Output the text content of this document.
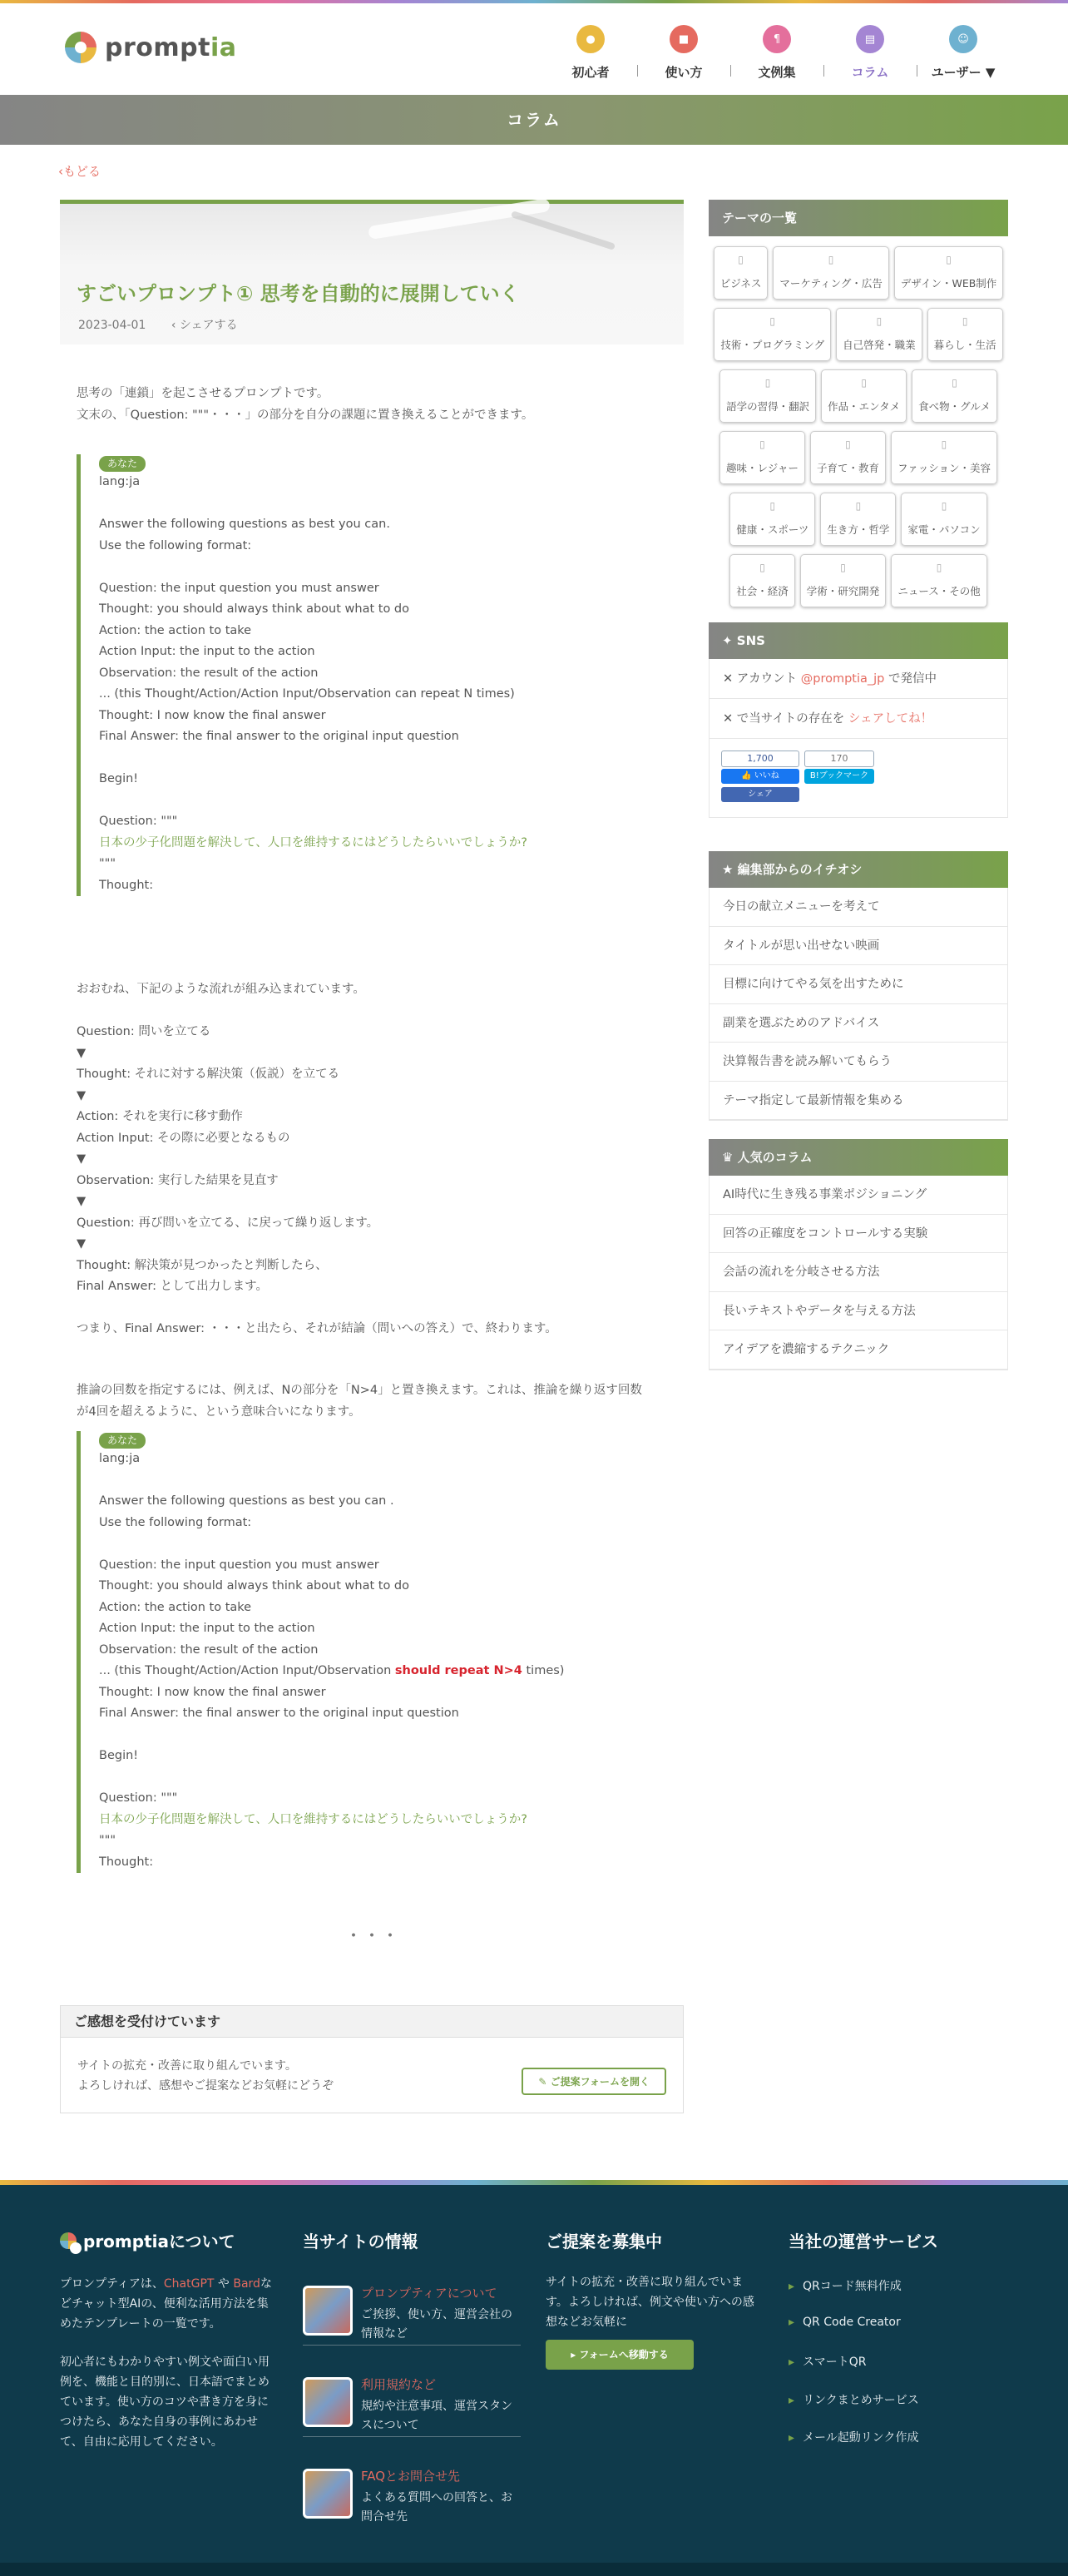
promptia	●
初心者
■
使い方
¶
文例集
▤
コラム
☺
ユーザー ▼
コラム
‹もどる
すごいプロンプト① 思考を自動的に展開していく
2023-04-01 ‹ シェアする
思考の「連鎖」を起こさせるプロンプトです。
文末の、「Question: """・・・」の部分を自分の課題に置き換えることができます。
あなた
lang:ja
Answer the following questions as best you can.
Use the following format:
Question: the input question you must answer
Thought: you should always think about what to do
Action: the action to take
Action Input: the input to the action
Observation: the result of the action
... (this Thought/Action/Action Input/Observation can repeat N times)
Thought: I now know the final answer
Final Answer: the final answer to the original input question
Begin!
Question: """
日本の少子化問題を解決して、人口を維持するにはどうしたらいいでしょうか?
"""
Thought:
おおむね、下記のような流れが組み込まれています。
Question: 問いを立てる
▼
Thought: それに対する解決策（仮説）を立てる
▼
Action: それを実行に移す動作
Action Input: その際に必要となるもの
▼
Observation: 実行した結果を見直す
▼
Question: 再び問いを立てる、に戻って繰り返します。
▼
Thought: 解決策が見つかったと判断したら、
Final Answer: として出力します。
つまり、Final Answer: ・・・と出たら、それが結論（問いへの答え）で、終わります。
推論の回数を指定するには、例えば、Nの部分を「N>4」と置き換えます。これは、推論を繰り返す回数
が4回を超えるように、という意味合いになります。
あなた
lang:ja
Answer the following questions as best you can .
Use the following format:
Question: the input question you must answer
Thought: you should always think about what to do
Action: the action to take
Action Input: the input to the action
Observation: the result of the action
... (this Thought/Action/Action Input/Observation should repeat N>4 times)
Thought: I now know the final answer
Final Answer: the final answer to the original input question
Begin!
Question: """
日本の少子化問題を解決して、人口を維持するにはどうしたらいいでしょうか?
"""
Thought:
・・・
ご感想を受付けています
サイトの拡充・改善に取り組んでいます。
よろしければ、感想やご提案などお気軽にどうぞ	✎ ご提案フォームを開く
テーマの一覧
▯
ビジネス
▯
マーケティング・広告
▯
デザイン・WEB制作
▯
技術・プログラミング
▯
自己啓発・職業
▯
暮らし・生活
▯
語学の習得・翻訳
▯
作品・エンタメ
▯
食べ物・グルメ
▯
趣味・レジャー
▯
子育て・教育
▯
ファッション・美容
▯
健康・スポーツ
▯
生き方・哲学
▯
家電・パソコン
▯
社会・経済
▯
学術・研究開発
▯
ニュース・その他
✦ SNS
✕ アカウント @promptia_jp で発信中
✕ で当サイトの存在を シェアしてね！
1,700
👍 いいね
シェア
170
B!ブックマーク
★ 編集部からのイチオシ
今日の献立メニューを考えて
タイトルが思い出せない映画
目標に向けてやる気を出すために
副業を選ぶためのアドバイス
決算報告書を読み解いてもらう
テーマ指定して最新情報を集める
♛ 人気のコラム
AI時代に生き残る事業ポジショニング
回答の正確度をコントロールする実験
会話の流れを分岐させる方法
長いテキストやデータを与える方法
アイデアを濃縮するテクニック
promptiaについて
プロンプティアは、ChatGPT や Bardなどチャット型AIの、便利な活用方法を集めたテンプレートの一覧です。
初心者にもわかりやすい例文や面白い用例を、機能と目的別に、日本語でまとめています。使い方のコツや書き方を身につけたら、あなた自身の事例にあわせて、自由に応用してください。
当サイトの情報
プロンプティアについて
ご挨拶、使い方、運営会社の情報など
利用規約など
規約や注意事項、運営スタンスについて
FAQとお問合せ先
よくある質問への回答と、お問合せ先
ご提案を募集中
サイトの拡充・改善に取り組んでいます。よろしければ、例文や使い方への感想などお気軽に
▸ フォームへ移動する
当社の運営サービス
▸ QRコード無料作成
▸ QR Code Creator
▸ スマートQR
▸ リンクまとめサービス
▸ メール起動リンク作成
